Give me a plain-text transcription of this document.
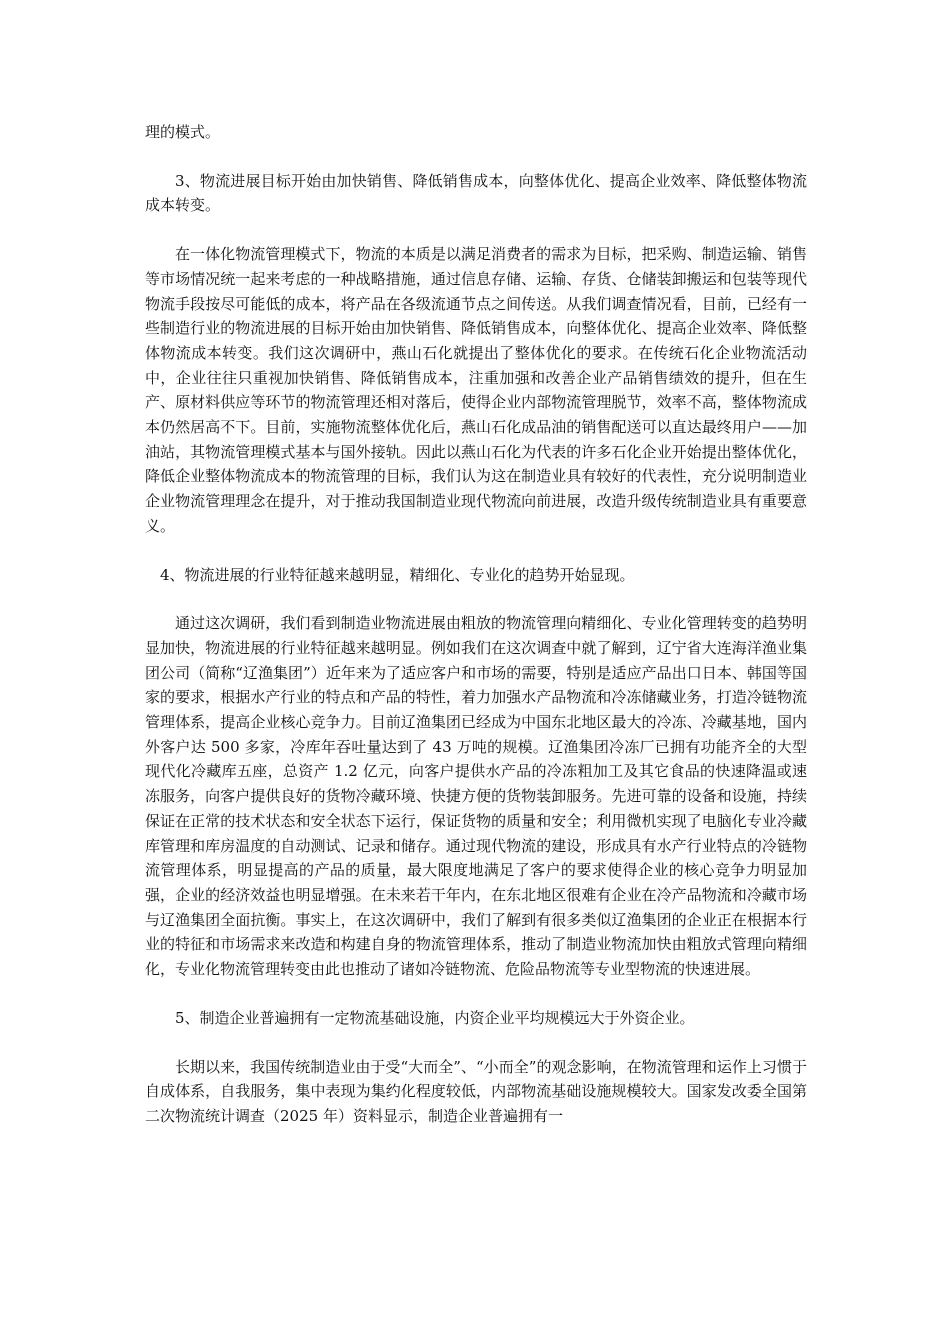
理的模式。

3、物流进展目标开始由加快销售、降低销售成本，向整体优化、提高企业效率、降低整体物流成本转变。

在一体化物流管理模式下，物流的本质是以满足消费者的需求为目标，把采购、制造运输、销售等市场情况统一起来考虑的一种战略措施，通过信息存储、运输、存货、仓储装卸搬运和包装等现代物流手段按尽可能低的成本，将产品在各级流通节点之间传送。从我们调查情况看，目前，已经有一些制造行业的物流进展的目标开始由加快销售、降低销售成本，向整体优化、提高企业效率、降低整体物流成本转变。我们这次调研中，燕山石化就提出了整体优化的要求。在传统石化企业物流活动中，企业往往只重视加快销售、降低销售成本，注重加强和改善企业产品销售绩效的提升，但在生产、原材料供应等环节的物流管理还相对落后，使得企业内部物流管理脱节，效率不高，整体物流成本仍然居高不下。目前，实施物流整体优化后，燕山石化成品油的销售配送可以直达最终用户——加油站，其物流管理模式基本与国外接轨。因此以燕山石化为代表的许多石化企业开始提出整体优化，降低企业整体物流成本的物流管理的目标，我们认为这在制造业具有较好的代表性，充分说明制造业企业物流管理理念在提升，对于推动我国制造业现代物流向前进展，改造升级传统制造业具有重要意义。

4、物流进展的行业特征越来越明显，精细化、专业化的趋势开始显现。

通过这次调研，我们看到制造业物流进展由粗放的物流管理向精细化、专业化管理转变的趋势明显加快，物流进展的行业特征越来越明显。例如我们在这次调查中就了解到，辽宁省大连海洋渔业集团公司（简称“辽渔集团”）近年来为了适应客户和市场的需要，特别是适应产品出口日本、韩国等国家的要求，根据水产行业的特点和产品的特性，着力加强水产品物流和冷冻储藏业务，打造冷链物流管理体系，提高企业核心竞争力。目前辽渔集团已经成为中国东北地区最大的冷冻、冷藏基地，国内外客户达 500 多家，冷库年吞吐量达到了 43 万吨的规模。辽渔集团冷冻厂已拥有功能齐全的大型现代化冷藏库五座，总资产 1.2 亿元，向客户提供水产品的冷冻粗加工及其它食品的快速降温或速冻服务，向客户提供良好的货物冷藏环境、快捷方便的货物装卸服务。先进可靠的设备和设施，持续保证在正常的技术状态和安全状态下运行，保证货物的质量和安全；利用微机实现了电脑化专业冷藏库管理和库房温度的自动测试、记录和储存。通过现代物流的建设，形成具有水产行业特点的冷链物流管理体系，明显提高的产品的质量，最大限度地满足了客户的要求使得企业的核心竞争力明显加强，企业的经济效益也明显增强。在未来若干年内，在东北地区很难有企业在冷产品物流和冷藏市场与辽渔集团全面抗衡。事实上，在这次调研中，我们了解到有很多类似辽渔集团的企业正在根据本行业的特征和市场需求来改造和构建自身的物流管理体系，推动了制造业物流加快由粗放式管理向精细化，专业化物流管理转变由此也推动了诸如冷链物流、危险品物流等专业型物流的快速进展。

5、制造企业普遍拥有一定物流基础设施，内资企业平均规模远大于外资企业。

长期以来，我国传统制造业由于受“大而全”、“小而全”的观念影响，在物流管理和运作上习惯于自成体系，自我服务，集中表现为集约化程度较低，内部物流基础设施规模较大。国家发改委全国第二次物流统计调查（2025 年）资料显示，制造企业普遍拥有一
